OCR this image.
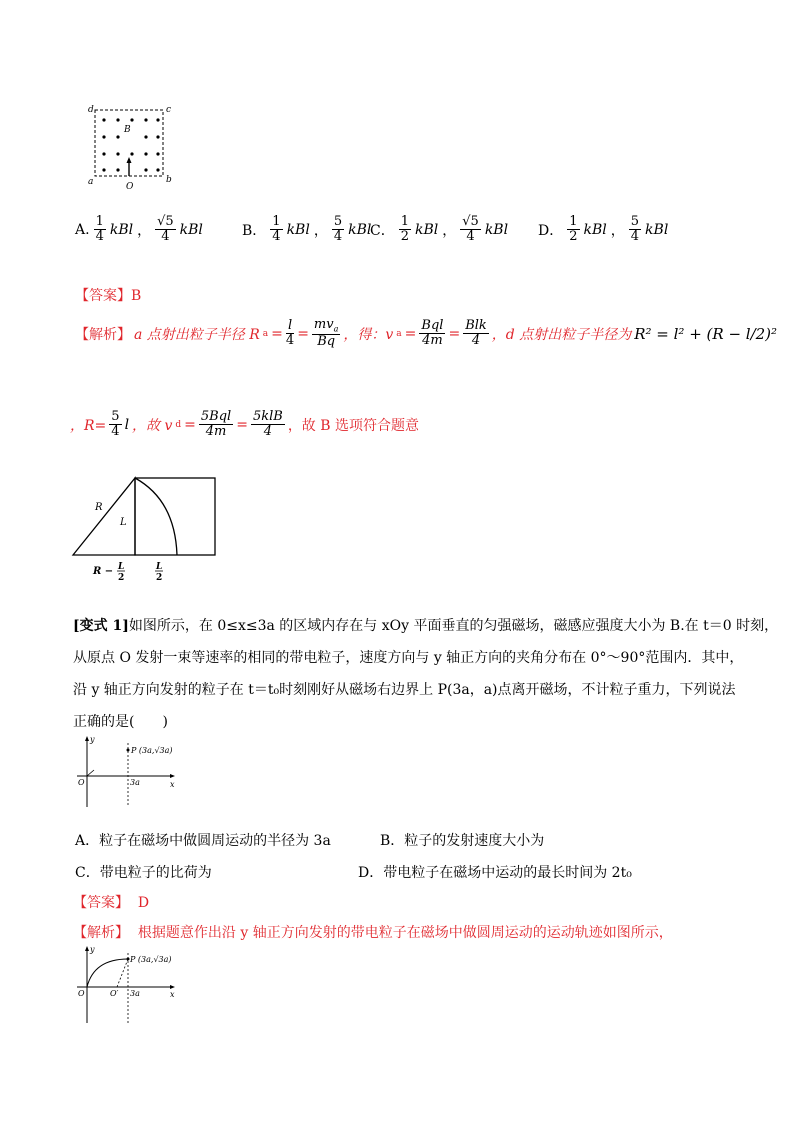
d	c
a	b
B
O
A. $\frac{1}{4}$ kBl ， $\frac{√5}{4}$ kBl	B． $\frac{1}{4}$ kBl ， $\frac{5}{4}$ kBl
C． $\frac{1}{2}$ kBl ， $\frac{√5}{4}$ kBl D． $\frac{1}{2}$ kBl ， $\frac{5}{4}$ kBl
【答案】B
【解析】 a 点射出粒子半径 R $a = \frac{l}{4} = \frac{mv_a}{Bq}$ ，得：v $a = \frac{\text{Bql}}{4m} = \frac{\text{Blk}}{4}$ ，d 点射出粒子半径为 R² = l² + (R − l/2)²
，$R= \frac{5}{4}$ l ，故 v $d = \frac{\text{5Bql}}{4m} = \frac{\text{5klB}}{4}$ ，故 B 选项符合题意
R
L
R − L
2
L
2
[变式 1]如图所示，在 0≤x≤3a 的区域内存在与 xOy 平面垂直的匀强磁场，磁感应强度大小为 B.在 t＝0 时刻，
从原点 O 发射一束等速率的相同的带电粒子，速度方向与 y 轴正方向的夹角分布在 0°～90°范围内．其中，
沿 y 轴正方向发射的粒子在 t＝t₀时刻刚好从磁场右边界上 P(3a，a)点离开磁场，不计粒子重力，下列说法
正确的是(　　)
y
x
O
P (3a,√3a)
3a
A．粒子在磁场中做圆周运动的半径为 3a	B．粒子的发射速度大小为
C．带电粒子的比荷为	D．带电粒子在磁场中运动的最长时间为 2t₀
【答案】 D
【解析】 根据题意作出沿 y 轴正方向发射的带电粒子在磁场中做圆周运动的运动轨迹如图所示，
y
x
O	O′
P (3a,√3a)
3a
